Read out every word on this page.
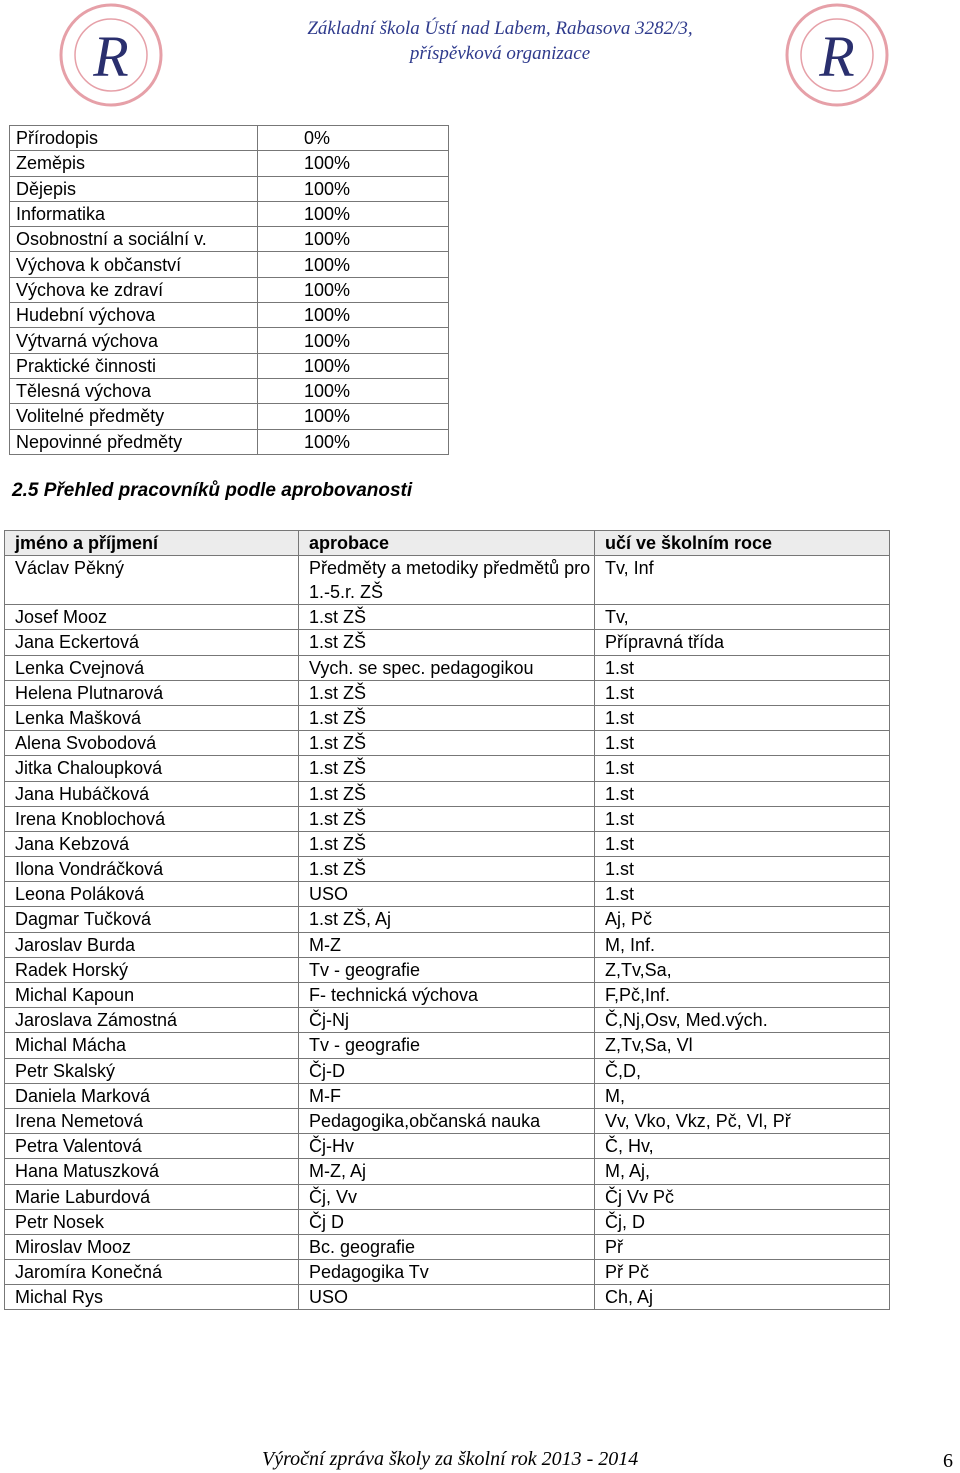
R	R
Základní škola Ústí nad Labem, Rabasova 3282/3,
příspěvková organizace
Přírodopis	0%
Zeměpis	100%
Dějepis	100%
Informatika	100%
Osobnostní a sociální v.	100%
Výchova k občanství	100%
Výchova ke zdraví	100%
Hudební výchova	100%
Výtvarná výchova	100%
Praktické činnosti	100%
Tělesná výchova	100%
Volitelné předměty	100%
Nepovinné předměty	100%
2.5 Přehled pracovníků podle aprobovanosti
jméno a příjmení	aprobace	učí ve školním roce
Václav Pěkný	Předměty a metodiky předmětů pro 1.-5.r. ZŠ	Tv, Inf
Josef Mooz	1.st ZŠ	Tv,
Jana Eckertová	1.st ZŠ	Přípravná třída
Lenka Cvejnová	Vych. se spec. pedagogikou	1.st
Helena Plutnarová	1.st ZŠ	1.st
Lenka Mašková	1.st ZŠ	1.st
Alena Svobodová	1.st ZŠ	1.st
Jitka Chaloupková	1.st ZŠ	1.st
Jana Hubáčková	1.st ZŠ	1.st
Irena Knoblochová	1.st ZŠ	1.st
Jana Kebzová	1.st ZŠ	1.st
Ilona Vondráčková	1.st ZŠ	1.st
Leona Poláková	USO	1.st
Dagmar Tučková	1.st ZŠ, Aj	Aj, Pč
Jaroslav Burda	M-Z	M, Inf.
Radek Horský	Tv - geografie	Z,Tv,Sa,
Michal Kapoun	F- technická výchova	F,Pč,Inf.
Jaroslava Zámostná	Čj-Nj	Č,Nj,Osv, Med.vých.
Michal Mácha	Tv - geografie	Z,Tv,Sa, Vl
Petr Skalský	Čj-D	Č,D,
Daniela Marková	M-F	M,
Irena Nemetová	Pedagogika,občanská nauka	Vv, Vko, Vkz, Pč, Vl, Př
Petra Valentová	Čj-Hv	Č, Hv,
Hana Matuszková	M-Z, Aj	M, Aj,
Marie Laburdová	Čj, Vv	Čj Vv Pč
Petr Nosek	Čj D	Čj, D
Miroslav Mooz	Bc. geografie	Př
Jaromíra Konečná	Pedagogika Tv	Př Pč
Michal Rys	USO	Ch, Aj
Výroční zpráva školy za školní rok 2013 - 2014	6
